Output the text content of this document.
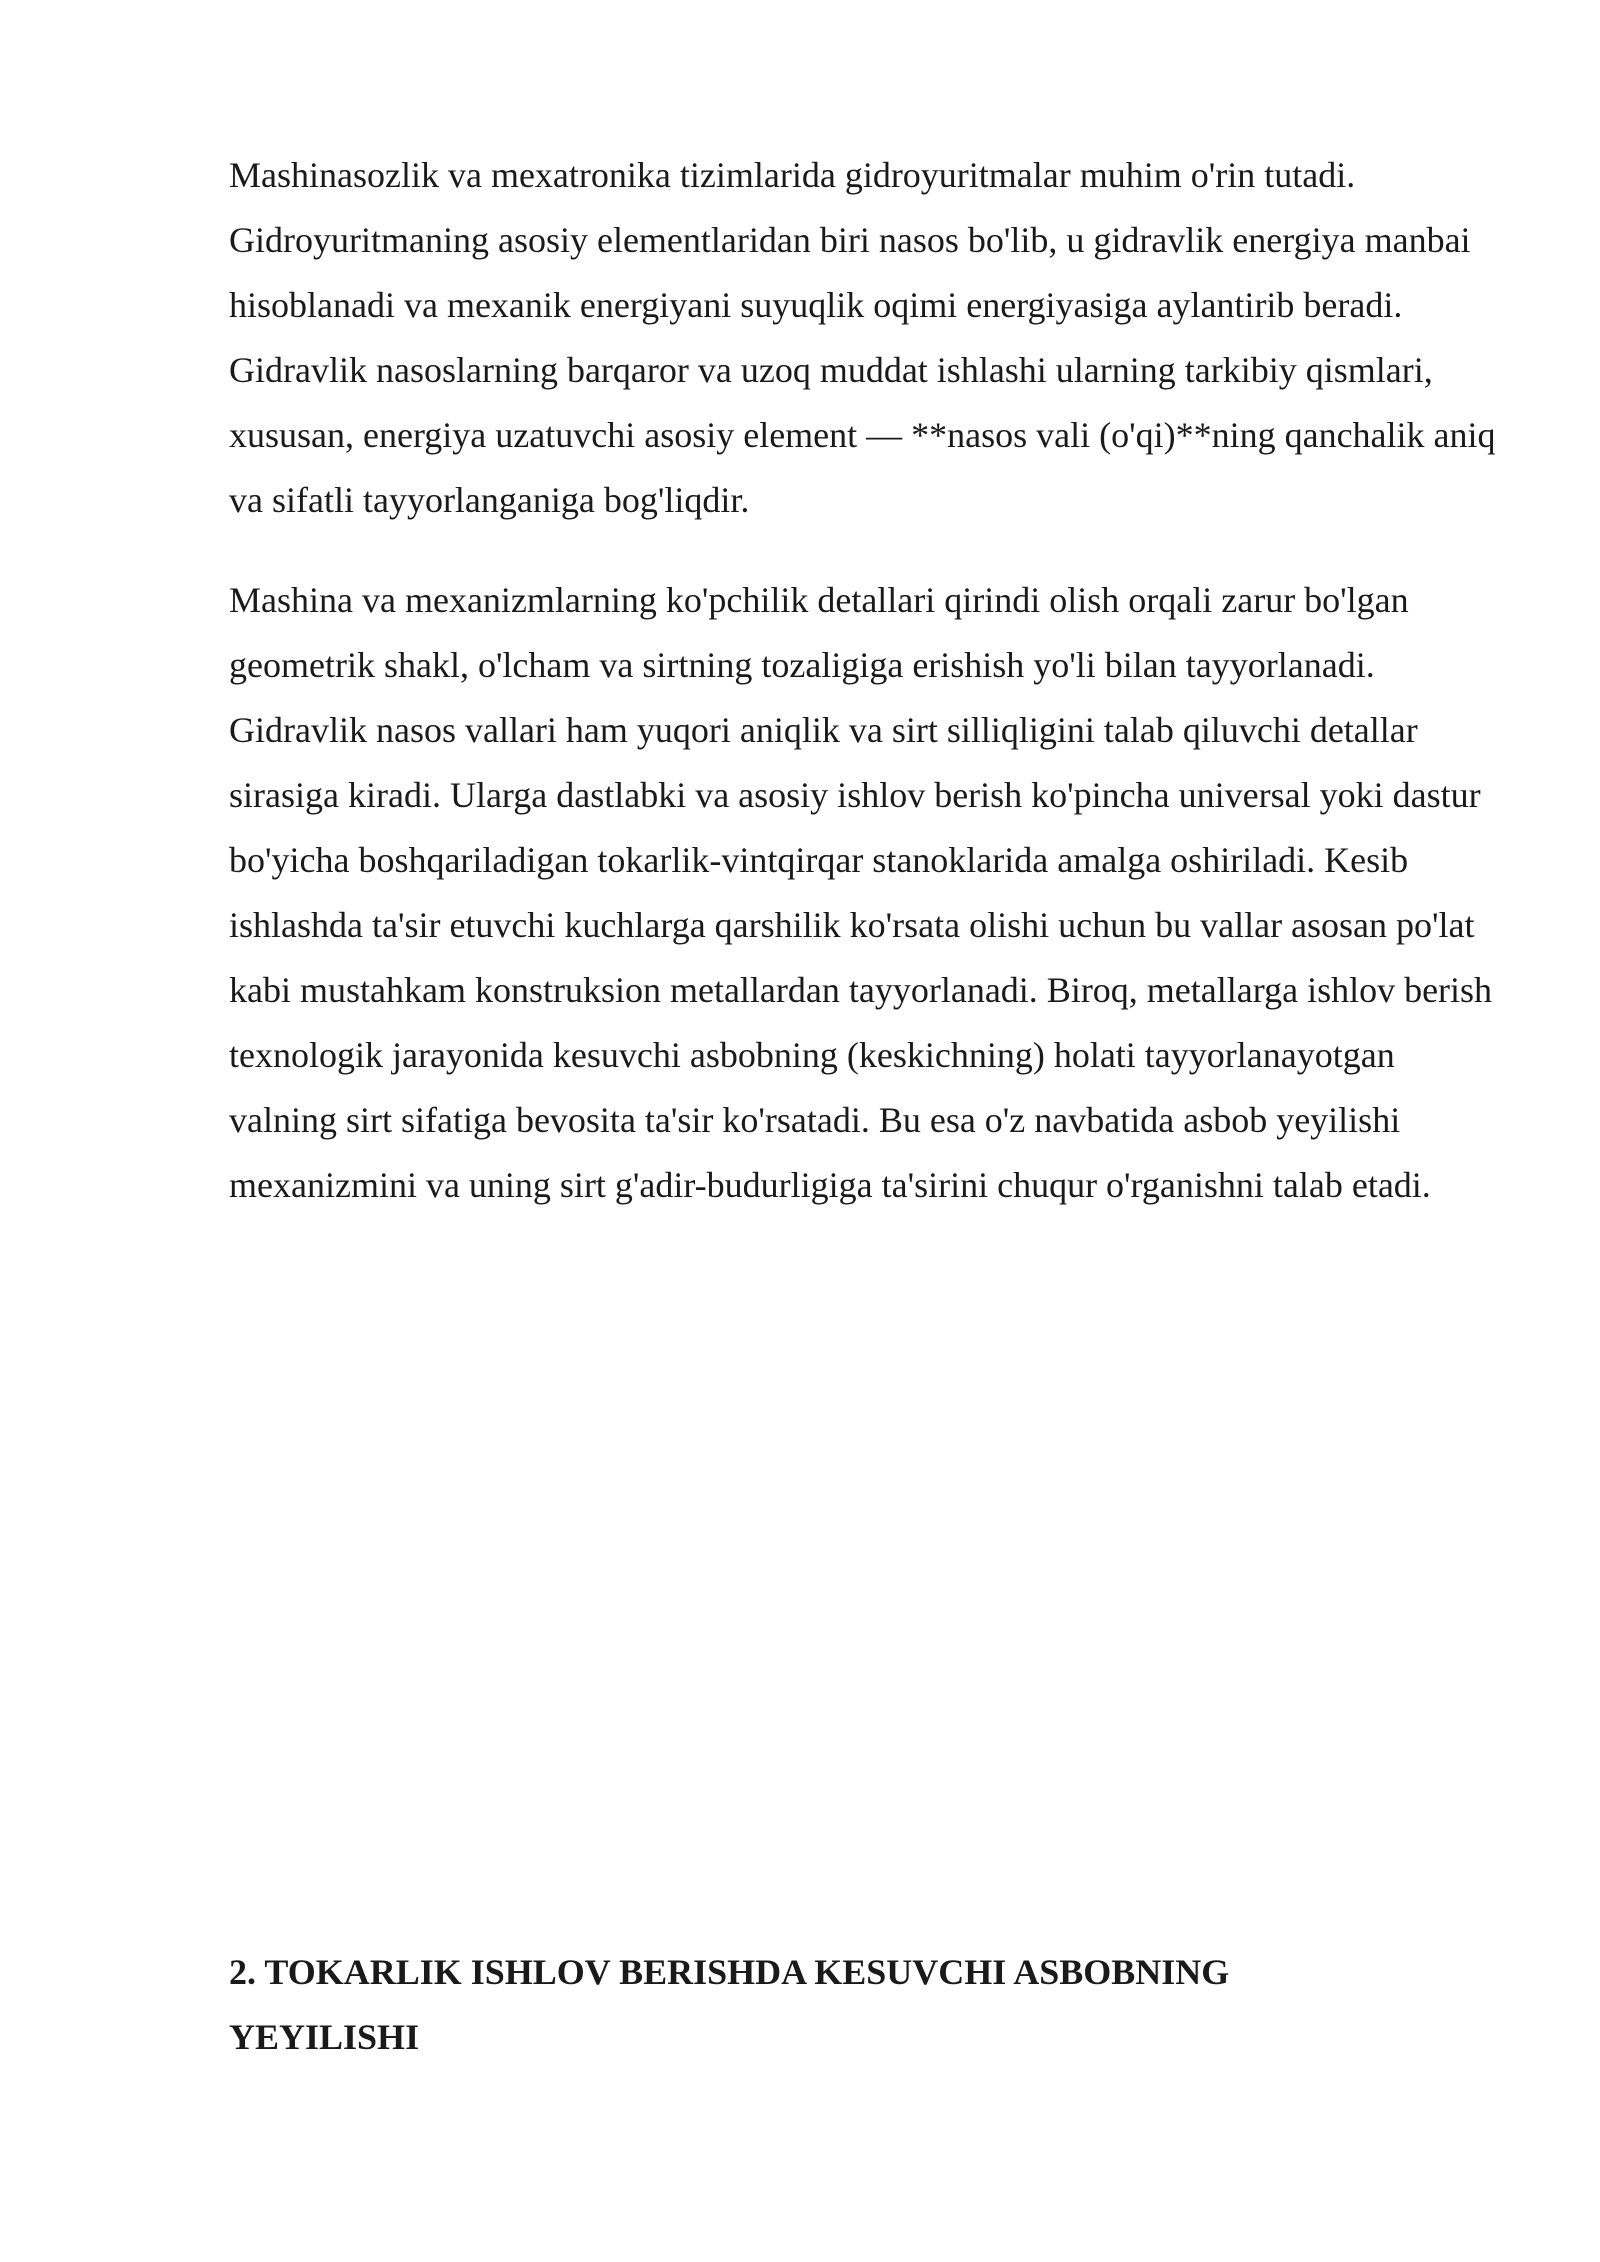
Mashinasozlik va mexatronika tizimlarida gidroyuritmalar muhim o'rin tutadi. Gidroyuritmaning asosiy elementlaridan biri nasos bo'lib, u gidravlik energiya manbai hisoblanadi va mexanik energiyani suyuqlik oqimi energiyasiga aylantirib beradi. Gidravlik nasoslarning barqaror va uzoq muddat ishlashi ularning tarkibiy qismlari, xususan, energiya uzatuvchi asosiy element — **nasos vali (o'qi)**ning qanchalik aniq va sifatli tayyorlanganiga bog'liqdir.

Mashina va mexanizmlarning ko'pchilik detallari qirindi olish orqali zarur bo'lgan geometrik shakl, o'lcham va sirtning tozaligiga erishish yo'li bilan tayyorlanadi. Gidravlik nasos vallari ham yuqori aniqlik va sirt silliqligini talab qiluvchi detallar sirasiga kiradi. Ularga dastlabki va asosiy ishlov berish ko'pincha universal yoki dastur bo'yicha boshqariladigan tokarlik-vintqirqar stanoklarida amalga oshiriladi. Kesib ishlashda ta'sir etuvchi kuchlarga qarshilik ko'rsata olishi uchun bu vallar asosan po'lat kabi mustahkam konstruksion metallardan tayyorlanadi. Biroq, metallarga ishlov berish texnologik jarayonida kesuvchi asbobning (keskichning) holati tayyorlanayotgan valning sirt sifatiga bevosita ta'sir ko'rsatadi. Bu esa o'z navbatida asbob yeyilishi mexanizmini va uning sirt g'adir-budurligiga ta'sirini chuqur o'rganishni talab etadi.

2. TOKARLIK ISHLOV BERISHDA KESUVCHI ASBOBNING YEYILISHI
